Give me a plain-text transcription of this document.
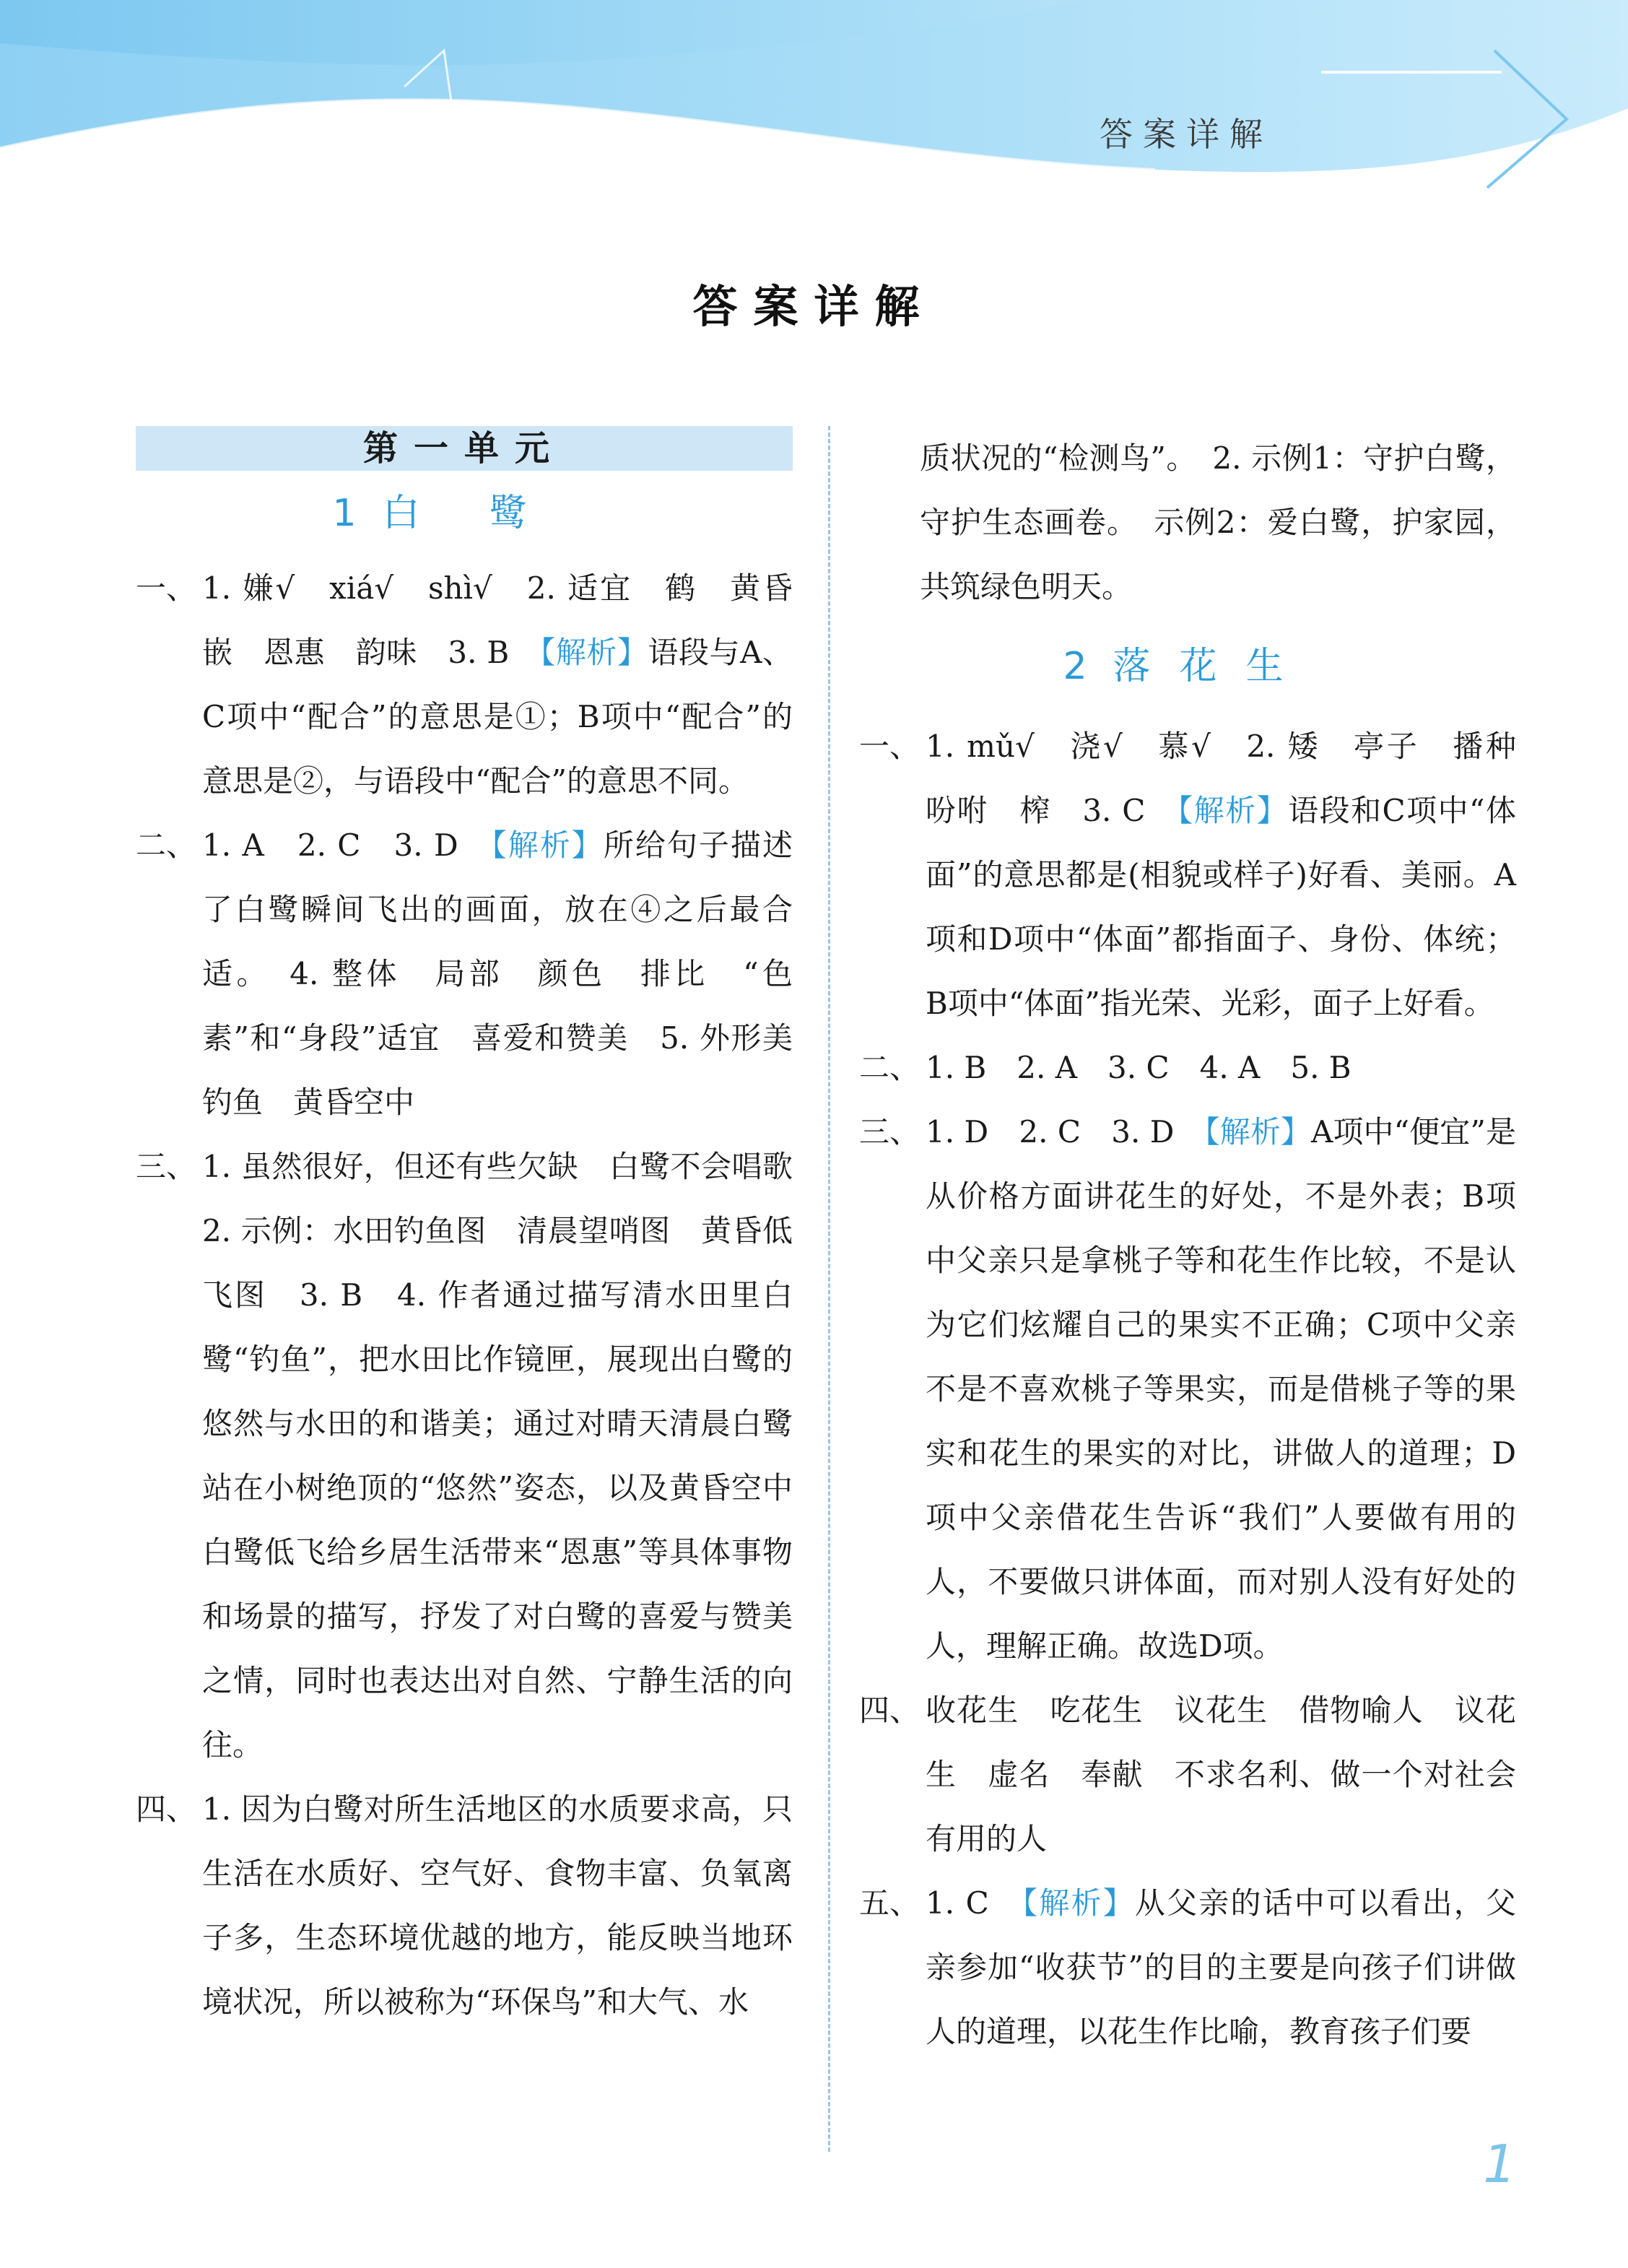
答案详解
答案详解
第一单元
1 白鹭
一、 1. 嫌√　xiá√　shì√　2. 适宜　鹤　黄昏　嵌　恩惠　韵味　3. B　【解析】语段与A、C项中“配合”的意思是①；B项中“配合”的意思是②，与语段中“配合”的意思不同。
二、 1. A　2. C　3. D　【解析】所给句子描述了白鹭瞬间飞出的画面，放在④之后最合适。　4. 整体　局部　颜色　排比　“色素”和“身段”适宜　喜爱和赞美　5. 外形美　钓鱼　黄昏空中
三、 1. 虽然很好，但还有些欠缺　白鹭不会唱歌　2. 示例：水田钓鱼图　清晨望哨图　黄昏低飞图　3. B　4. 作者通过描写清水田里白鹭“钓鱼”，把水田比作镜匣，展现出白鹭的悠然与水田的和谐美；通过对晴天清晨白鹭站在小树绝顶的“悠然”姿态，以及黄昏空中白鹭低飞给乡居生活带来“恩惠”等具体事物和场景的描写，抒发了对白鹭的喜爱与赞美之情，同时也表达出对自然、宁静生活的向往。
四、 1. 因为白鹭对所生活地区的水质要求高，只生活在水质好、空气好、食物丰富、负氧离子多，生态环境优越的地方，能反映当地环境状况，所以被称为“环保鸟”和大气、水
质状况的“检测鸟”。　2. 示例1：守护白鹭，守护生态画卷。　示例2：爱白鹭，护家园，共筑绿色明天。
2 落花生
一、 1. mǔ√　浇√　慕√　2. 矮　亭子　播种　吩咐　榨　3. C　【解析】语段和C项中“体面”的意思都是(相貌或样子)好看、美丽。A项和D项中“体面”都指面子、身份、体统；B项中“体面”指光荣、光彩，面子上好看。
二、 1. B　2. A　3. C　4. A　5. B
三、 1. D　2. C　3. D　【解析】A项中“便宜”是从价格方面讲花生的好处，不是外表；B项中父亲只是拿桃子等和花生作比较，不是认为它们炫耀自己的果实不正确；C项中父亲不是不喜欢桃子等果实，而是借桃子等的果实和花生的果实的对比，讲做人的道理；D项中父亲借花生告诉“我们”人要做有用的人，不要做只讲体面，而对别人没有好处的人，理解正确。故选D项。
四、 收花生　吃花生　议花生　借物喻人　议花生　虚名　奉献　不求名利、做一个对社会有用的人
五、 1. C　【解析】从父亲的话中可以看出，父亲参加“收获节”的目的主要是向孩子们讲做人的道理，以花生作比喻，教育孩子们要
1
